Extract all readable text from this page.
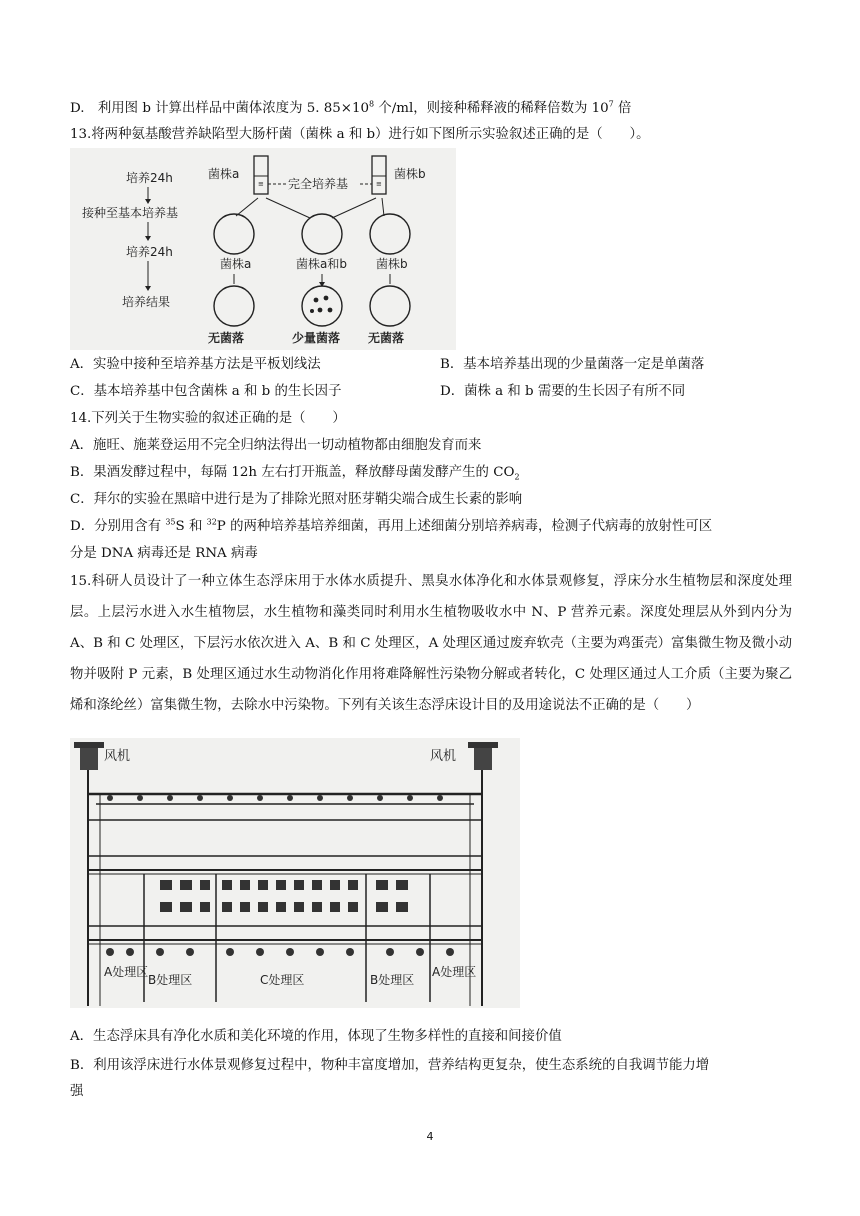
D.　利用图 b 计算出样品中菌体浓度为 5. $85\times 10^8$ 个/ml，则接种稀释液的稀释倍数为 $10^7$ 倍
13.将两种氨基酸营养缺陷型大肠杆菌（菌株 a 和 b）进行如下图所示实验叙述正确的是（　　）。
培养24h
接种至基本培养基
培养24h
培养结果
菌株a
≡ 完全培养基	≡
菌株b
菌株a	菌株a和b 菌株b
无菌落	少量菌落 无菌落
A．实验中接种至培养基方法是平板划线法	B．基本培养基出现的少量菌落一定是单菌落
C．基本培养基中包含菌株 a 和 b 的生长因子	D．菌株 a 和 b 需要的生长因子有所不同
14.下列关于生物实验的叙述正确的是（　　）
A．施旺、施莱登运用不完全归纳法得出一切动植物都由细胞发育而来
B．果酒发酵过程中，每隔 12h 左右打开瓶盖，释放酵母菌发酵产生的 $CO_2$
C．拜尔的实验在黑暗中进行是为了排除光照对胚芽鞘尖端合成生长素的影响
D．分别用含有 $^{35}$S 和 $^{32}$P 的两种培养基培养细菌，再用上述细菌分别培养病毒，检测子代病毒的放射性可区
分是 DNA 病毒还是 RNA 病毒
15.科研人员设计了一种立体生态浮床用于水体水质提升、黑臭水体净化和水体景观修复，浮床分水生植物层和深度处理层。上层污水进入水生植物层，水生植物和藻类同时利用水生植物吸收水中 N、P 营养元素。深度处理层从外到内分为 A、B 和 C 处理区，下层污水依次进入 A、B 和 C 处理区，A 处理区通过废弃软壳（主要为鸡蛋壳）富集微生物及微小动物并吸附 P 元素，B 处理区通过水生动物消化作用将难降解性污染物分解或者转化，C 处理区通过人工介质（主要为聚乙烯和涤纶丝）富集微生物，去除水中污染物。下列有关该生态浮床设计目的及用途说法不正确的是（　　）
风机	风机
A处理区
B处理区	C处理区	B处理区
A处理区
A．生态浮床具有净化水质和美化环境的作用，体现了生物多样性的直接和间接价值
B．利用该浮床进行水体景观修复过程中，物种丰富度增加，营养结构更复杂，使生态系统的自我调节能力增
强
4
